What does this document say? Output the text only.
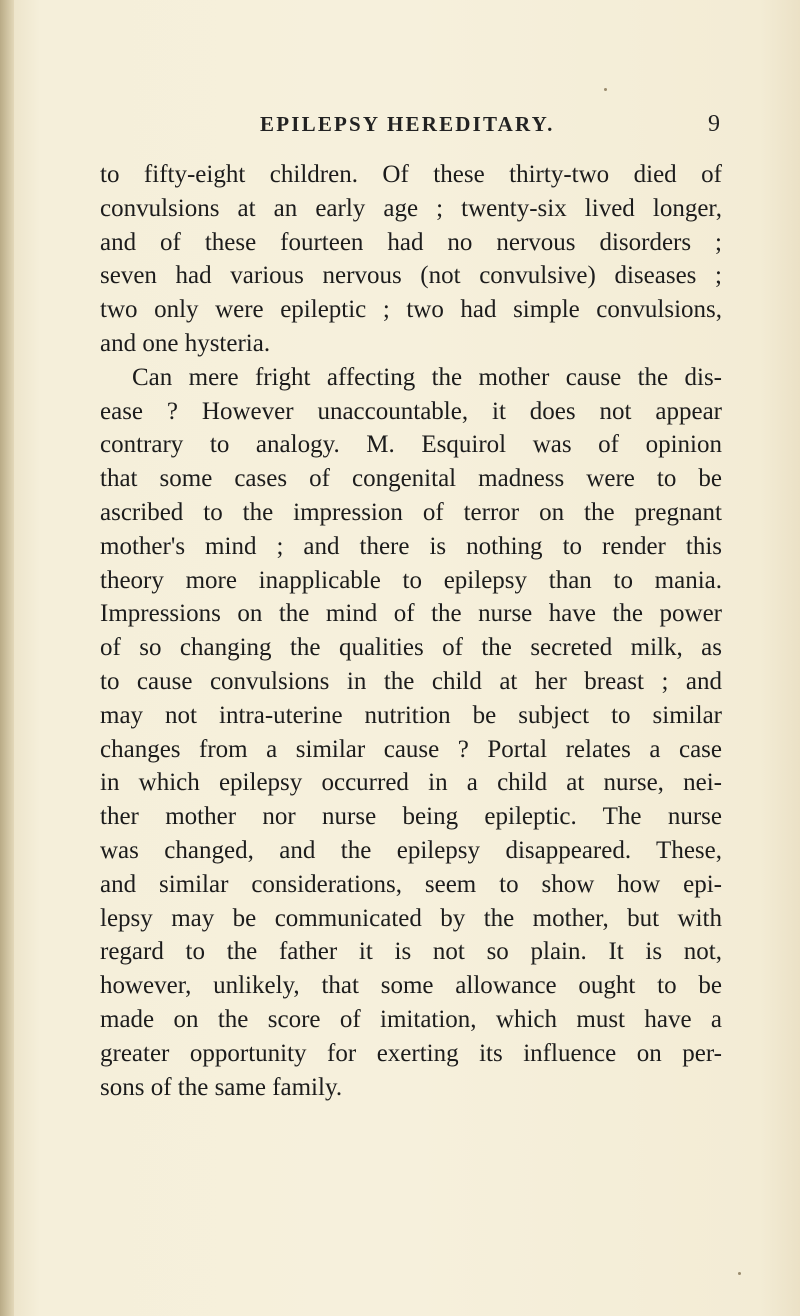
EPILEPSY HEREDITARY.	9
to fifty-eight children. Of these thirty-two died of
convulsions at an early age ; twenty-six lived longer,
and of these fourteen had no nervous disorders ;
seven had various nervous (not convulsive) diseases ;
two only were epileptic ; two had simple convulsions,
and one hysteria.
Can mere fright affecting the mother cause the dis-
ease ? However unaccountable, it does not appear
contrary to analogy. M. Esquirol was of opinion
that some cases of congenital madness were to be
ascribed to the impression of terror on the pregnant
mother's mind ; and there is nothing to render this
theory more inapplicable to epilepsy than to mania.
Impressions on the mind of the nurse have the power
of so changing the qualities of the secreted milk, as
to cause convulsions in the child at her breast ; and
may not intra-uterine nutrition be subject to similar
changes from a similar cause ? Portal relates a case
in which epilepsy occurred in a child at nurse, nei-
ther mother nor nurse being epileptic. The nurse
was changed, and the epilepsy disappeared. These,
and similar considerations, seem to show how epi-
lepsy may be communicated by the mother, but with
regard to the father it is not so plain. It is not,
however, unlikely, that some allowance ought to be
made on the score of imitation, which must have a
greater opportunity for exerting its influence on per-
sons of the same family.
